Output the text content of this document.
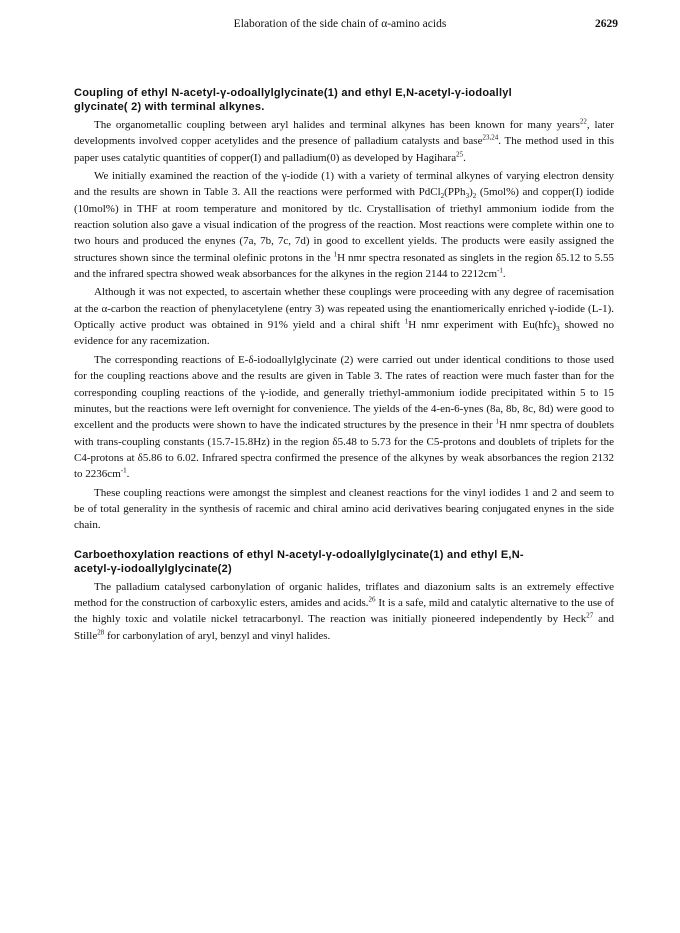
Elaboration of the side chain of α-amino acids	2629
Coupling of ethyl N-acetyl-γ-odoallylglycinate(1) and ethyl E,N-acetyl-γ-iodoallyl
glycinate( 2) with terminal alkynes.

The organometallic coupling between aryl halides and terminal alkynes has been known for many years$^{22}$, later developments involved copper acetylides and the presence of palladium catalysts and base$^{23,24}$. The method used in this paper uses catalytic quantities of copper(I) and palladium(0) as developed by Hagihara$^{25}$.

We initially examined the reaction of the γ-iodide (1) with a variety of terminal alkynes of varying electron density and the results are shown in Table 3. All the reactions were performed with $PdCl_2(PPh_3)_2$ (5mol%) and copper(I) iodide (10mol%) in THF at room temperature and monitored by tlc. Crystallisation of triethyl ammonium iodide from the reaction solution also gave a visual indication of the progress of the reaction. Most reactions were complete within one to two hours and produced the enynes (7a, 7b, 7c, 7d) in good to excellent yields. The products were easily assigned the structures shown since the terminal olefinic protons in the $^1$H nmr spectra resonated as singlets in the region δ5.12 to 5.55 and the infrared spectra showed weak absorbances for the alkynes in the region 2144 to $2212cm^{-1}$.

Although it was not expected, to ascertain whether these couplings were proceeding with any degree of racemisation at the α-carbon the reaction of phenylacetylene (entry 3) was repeated using the enantiomerically enriched γ-iodide (L-1). Optically active product was obtained in 91% yield and a chiral shift $^1$H nmr experiment with $Eu(hfc)_3$ showed no evidence for any racemization.

The corresponding reactions of E-δ-iodoallylglycinate (2) were carried out under identical conditions to those used for the coupling reactions above and the results are given in Table 3. The rates of reaction were much faster than for the corresponding coupling reactions of the γ-iodide, and generally triethyl-ammonium iodide precipitated within 5 to 15 minutes, but the reactions were left overnight for convenience. The yields of the 4-en-6-ynes (8a, 8b, 8c, 8d) were good to excellent and the products were shown to have the indicated structures by the presence in their $^1$H nmr spectra of doublets with trans-coupling constants (15.7-15.8Hz) in the region δ5.48 to 5.73 for the C5-protons and doublets of triplets for the C4-protons at δ5.86 to 6.02. Infrared spectra confirmed the presence of the alkynes by weak absorbances the region 2132 to $2236cm^{-1}$.

These coupling reactions were amongst the simplest and cleanest reactions for the vinyl iodides 1 and 2 and seem to be of total generality in the synthesis of racemic and chiral amino acid derivatives bearing conjugated enynes in the side chain.

Carboethoxylation reactions of ethyl N-acetyl-γ-odoallylglycinate(1) and ethyl E,N-
acetyl-γ-iodoallylglycinate(2)

The palladium catalysed carbonylation of organic halides, triflates and diazonium salts is an extremely effective method for the construction of carboxylic esters, amides and acids.$^{26}$ It is a safe, mild and catalytic alternative to the use of the highly toxic and volatile nickel tetracarbonyl. The reaction was initially pioneered independently by Heck$^{27}$ and Stille$^{28}$ for carbonylation of aryl, benzyl and vinyl halides.
